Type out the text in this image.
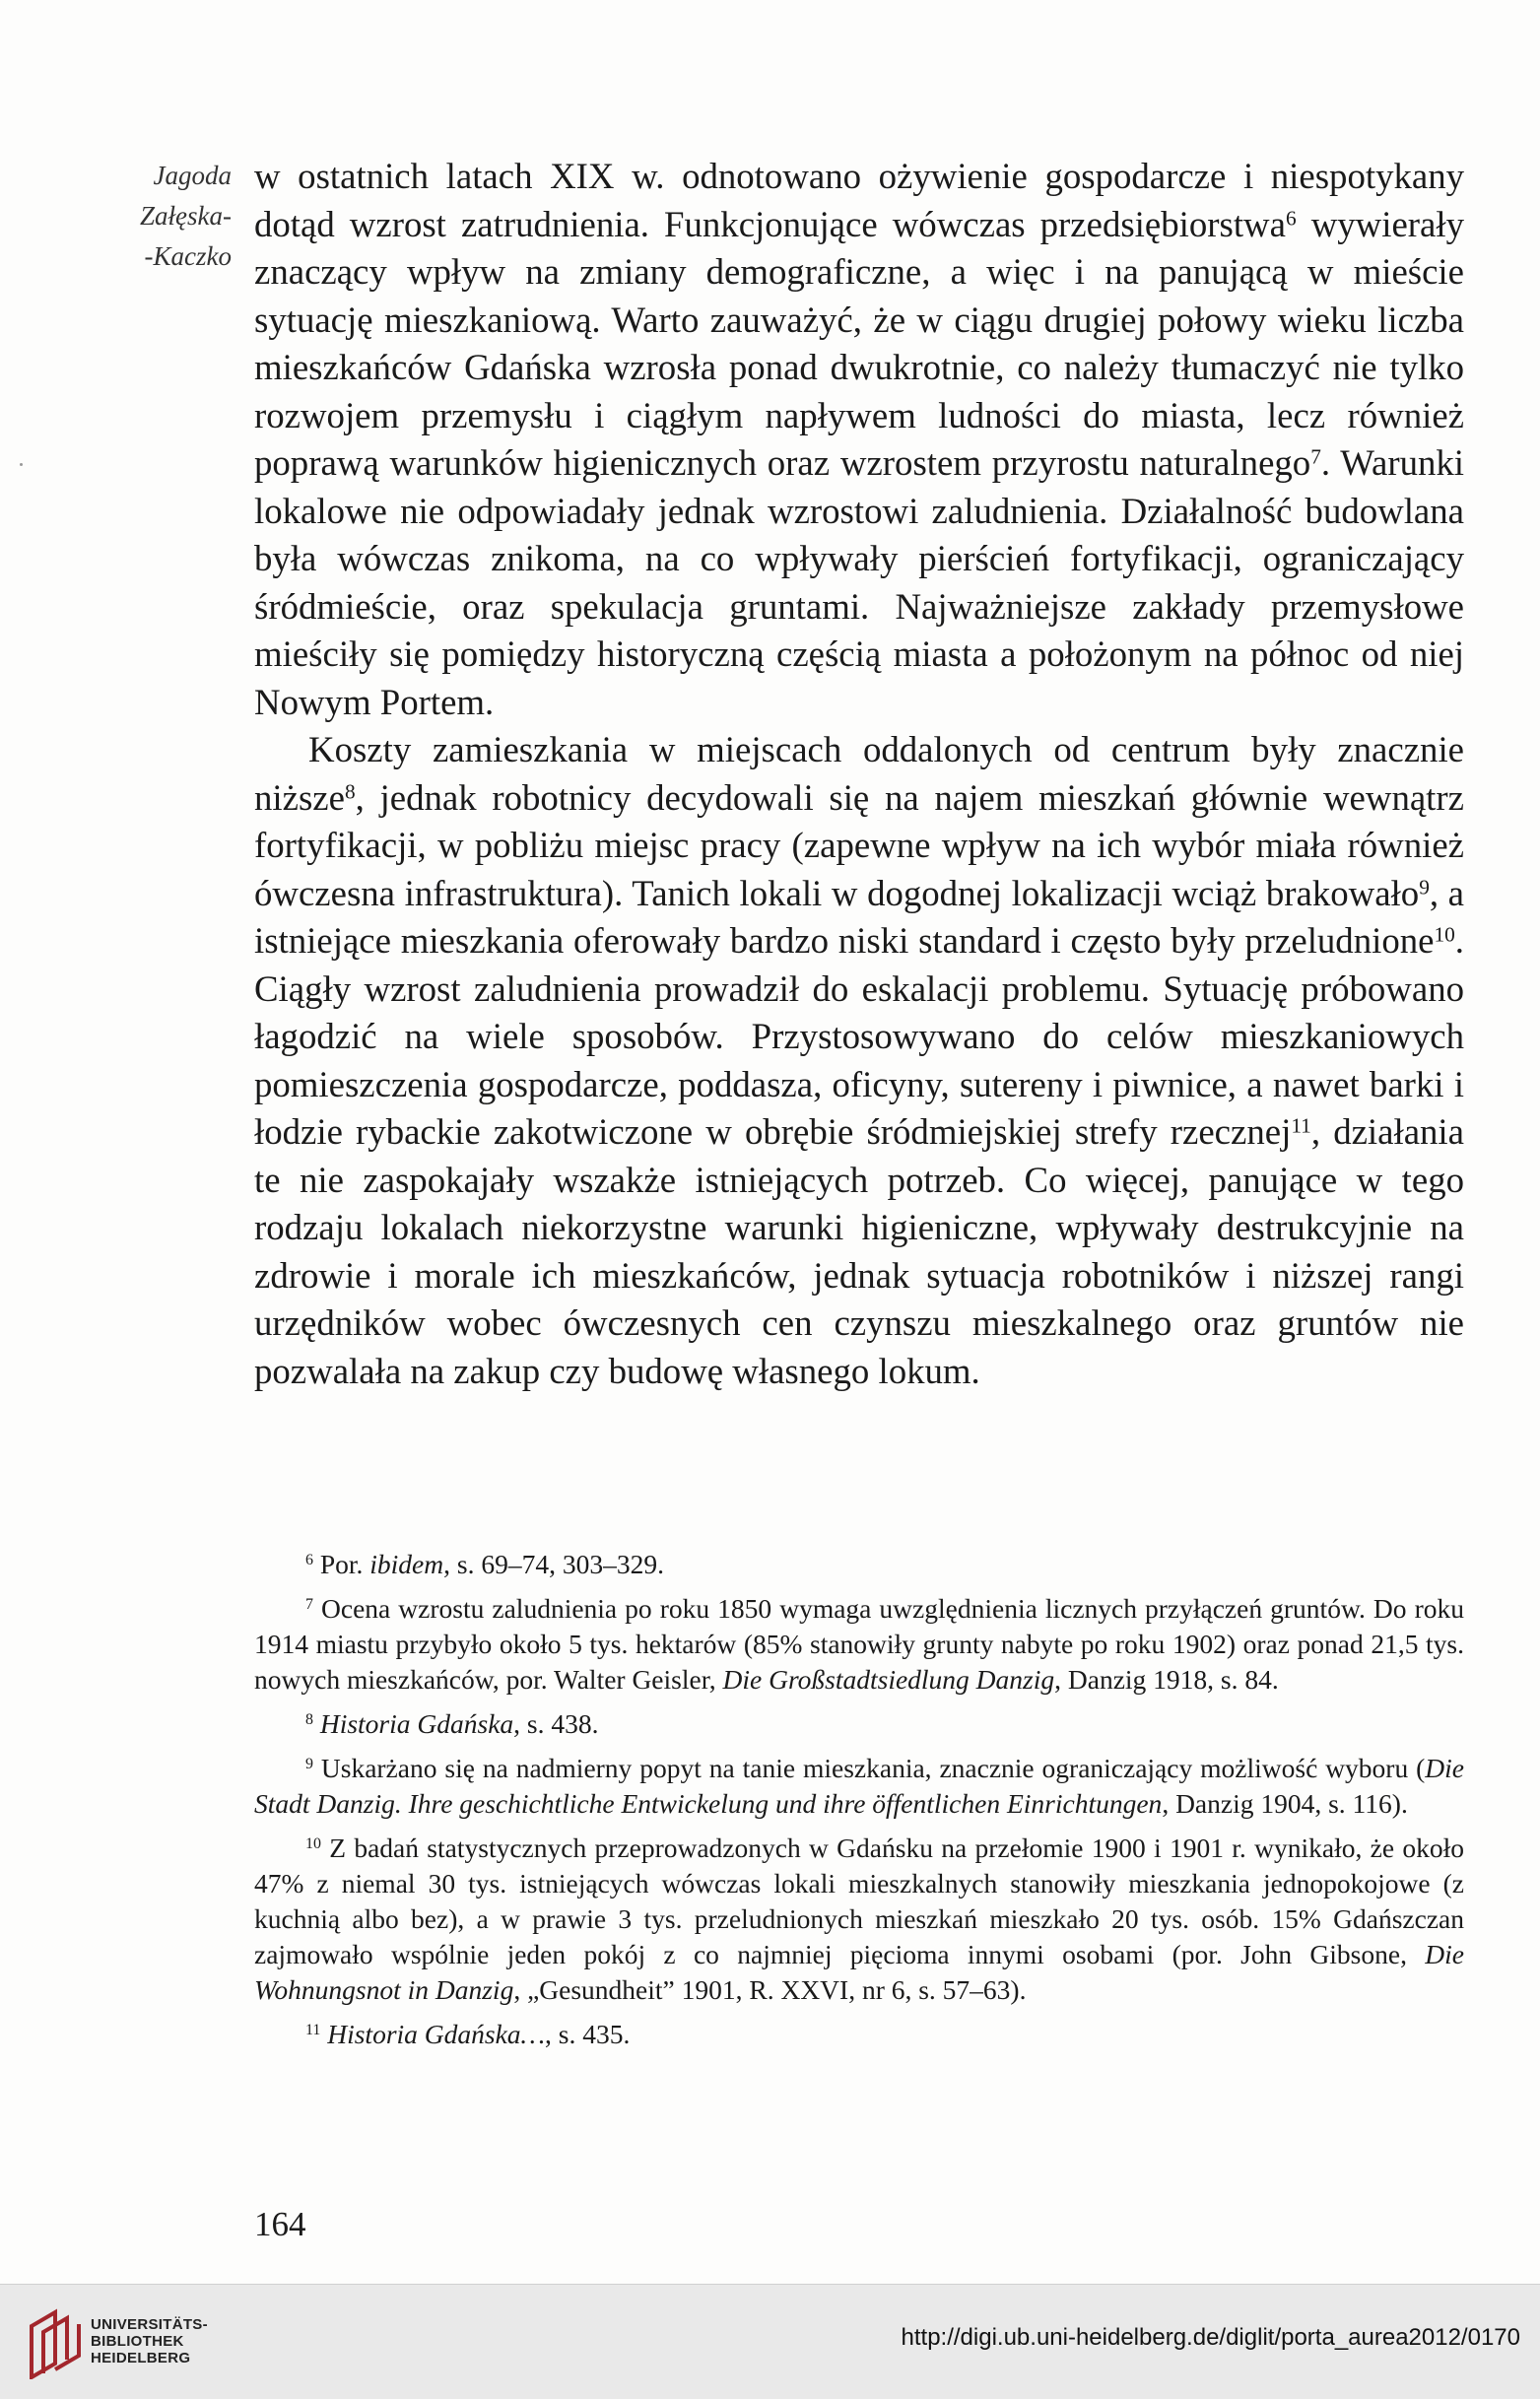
Jagoda
Załęska-
-Kaczko

w ostatnich latach XIX w. odnotowano ożywienie gospodarcze i niespotykany dotąd wzrost zatrudnienia. Funkcjonujące wówczas przedsiębiorstwa$^6$ wywierały znaczący wpływ na zmiany demograficzne, a więc i na panującą w mieście sytuację mieszkaniową. Warto zauważyć, że w ciągu drugiej połowy wieku liczba mieszkańców Gdańska wzrosła ponad dwukrotnie, co należy tłumaczyć nie tylko rozwojem przemysłu i ciągłym napływem ludności do miasta, lecz również poprawą warunków higienicznych oraz wzrostem przyrostu naturalnego$^7$. Warunki lokalowe nie odpowiadały jednak wzrostowi zaludnienia. Działalność budowlana była wówczas znikoma, na co wpływały pierścień fortyfikacji, ograniczający śródmieście, oraz spekulacja gruntami. Najważniejsze zakłady przemysłowe mieściły się pomiędzy historyczną częścią miasta a położonym na północ od niej Nowym Portem.

Koszty zamieszkania w miejscach oddalonych od centrum były znacznie niższe$^8$, jednak robotnicy decydowali się na najem mieszkań głównie wewnątrz fortyfikacji, w pobliżu miejsc pracy (zapewne wpływ na ich wybór miała również ówczesna infrastruktura). Tanich lokali w dogodnej lokalizacji wciąż brakowało$^9$, a istniejące mieszkania oferowały bardzo niski standard i często były przeludnione$^{10}$. Ciągły wzrost zaludnienia prowadził do eskalacji problemu. Sytuację próbowano łagodzić na wiele sposobów. Przystosowywano do celów mieszkaniowych pomieszczenia gospodarcze, poddasza, oficyny, sutereny i piwnice, a nawet barki i łodzie rybackie zakotwiczone w obrębie śródmiejskiej strefy rzecznej$^{11}$, działania te nie zaspokajały wszakże istniejących potrzeb. Co więcej, panujące w tego rodzaju lokalach niekorzystne warunki higieniczne, wpływały destrukcyjnie na zdrowie i morale ich mieszkańców, jednak sytuacja robotników i niższej rangi urzędników wobec ówczesnych cen czynszu mieszkalnego oraz gruntów nie pozwalała na zakup czy budowę własnego lokum.

$^6$ Por. ibidem, s. 69–74, 303–329.

$^7$ Ocena wzrostu zaludnienia po roku 1850 wymaga uwzględnienia licznych przyłączeń gruntów. Do roku 1914 miastu przybyło około 5 tys. hektarów (85% stanowiły grunty nabyte po roku 1902) oraz ponad 21,5 tys. nowych mieszkańców, por. Walter Geisler, Die Großstadtsiedlung Danzig, Danzig 1918, s. 84.

$^8$ Historia Gdańska, s. 438.

$^9$ Uskarżano się na nadmierny popyt na tanie mieszkania, znacznie ograniczający możliwość wyboru (Die Stadt Danzig. Ihre geschichtliche Entwickelung und ihre öffentlichen Einrichtungen, Danzig 1904, s. 116).

$^{10}$ Z badań statystycznych przeprowadzonych w Gdańsku na przełomie 1900 i 1901 r. wynikało, że około 47% z niemal 30 tys. istniejących wówczas lokali mieszkalnych stanowiły mieszkania jednopokojowe (z kuchnią albo bez), a w prawie 3 tys. przeludnionych mieszkań mieszkało 20 tys. osób. 15% Gdańszczan zajmowało wspólnie jeden pokój z co najmniej pięcioma innymi osobami (por. John Gibsone, Die Wohnungsnot in Danzig, „Gesundheit” 1901, R. XXVI, nr 6, s. 57–63).

$^{11}$ Historia Gdańska…, s. 435.

164
UNIVERSITÄTS-
BIBLIOTHEK
HEIDELBERG
http://digi.ub.uni-heidelberg.de/diglit/porta_aurea2012/0170
